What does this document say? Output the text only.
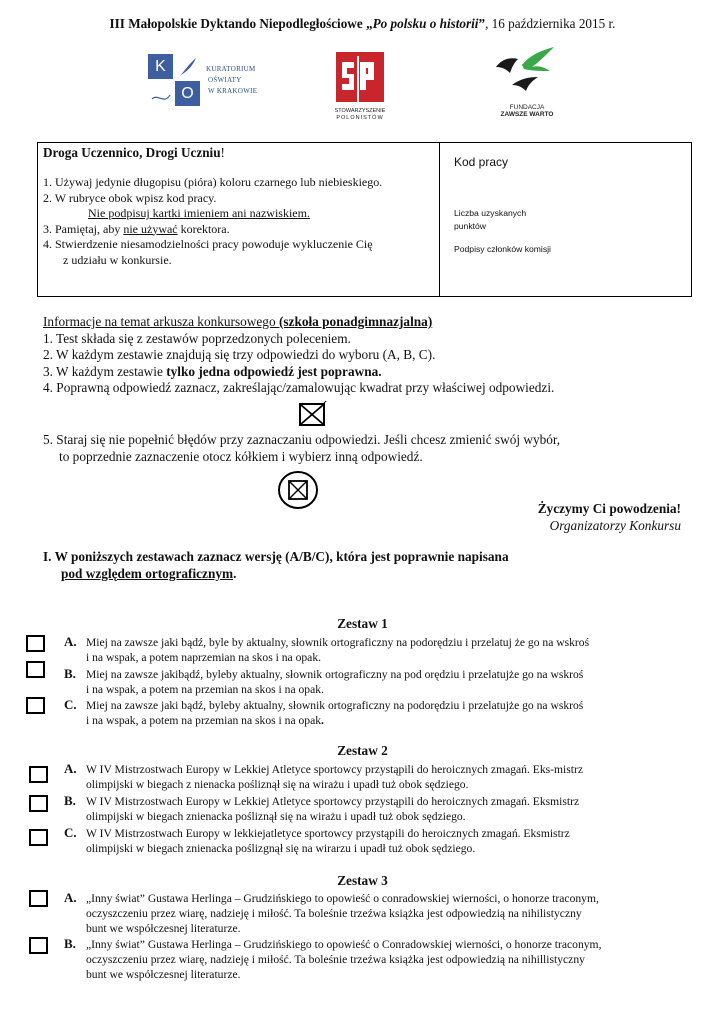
III Małopolskie Dyktando Niepodległościowe „Po polsku o historii”, 16 października 2015 r.
K
O
KURATORIUM
OŚWIATY
W KRAKOWIE
STOWARZYSZENIE
POLONISTÓW
FUNDACJA
ZAWSZE WARTO
Droga Uczennico, Drogi Uczniu!
1. Używaj jedynie długopisu (pióra) koloru czarnego lub niebieskiego.
2. W rubryce obok wpisz kod pracy.
Nie podpisuj kartki imieniem ani nazwiskiem.
3. Pamiętaj, aby nie używać korektora.
4. Stwierdzenie niesamodzielności pracy powoduje wykluczenie Cię
z udziału w konkursie.
Kod pracy
Liczba uzyskanych
punktów
Podpisy członków komisji
Informacje na temat arkusza konkursowego (szkoła ponadgimnazjalna)
1. Test składa się z zestawów poprzedzonych poleceniem.
2. W każdym zestawie znajdują się trzy odpowiedzi do wyboru (A, B, C).
3. W każdym zestawie tylko jedna odpowiedź jest poprawna.
4. Poprawną odpowiedź zaznacz, zakreślając/zamalowując kwadrat przy właściwej odpowiedzi.
5. Staraj się nie popełnić błędów przy zaznaczaniu odpowiedzi. Jeśli chcesz zmienić swój wybór,
to poprzednie zaznaczenie otocz kółkiem i wybierz inną odpowiedź.
Życzymy Ci powodzenia!
Organizatorzy Konkursu
I. W poniższych zestawach zaznacz wersję (A/B/C), która jest poprawnie napisana
pod względem ortograficznym.
Zestaw 1
A. Miej na zawsze jaki bądź, byle by aktualny, słownik ortograficzny na podorędziu i przelatuj że go na wskroś
i na wspak, a potem naprzemian na skos i na opak.
B. Miej na zawsze jakibądź, byleby aktualny, słownik ortograficzny na pod orędziu i przelatujże go na wskroś
i na wspak, a potem na przemian na skos i na opak.
C. Miej na zawsze jaki bądź, byleby aktualny, słownik ortograficzny na podorędziu i przelatujże go na wskroś
i na wspak, a potem na przemian na skos i na opak.
Zestaw 2
A. W IV Mistrzostwach Europy w Lekkiej Atletyce sportowcy przystąpili do heroicznych zmagań. Eks-mistrz
olimpijski w biegach z nienacka pośliznął się na wirażu i upadł tuż obok sędziego.
B. W IV Mistrzostwach Europy w Lekkiej Atletyce sportowcy przystąpili do heroicznych zmagań. Eksmistrz
olimpijski w biegach znienacka pośliznął się na wirażu i upadł tuż obok sędziego.
C. W IV Mistrzostwach Europy w lekkiejatletyce sportowcy przystąpili do heroicznych zmagań. Eksmistrz
olimpijski w biegach znienacka poślizgnął się na wirarzu i upadł tuż obok sędziego.
Zestaw 3
A. „Inny świat” Gustawa Herlinga – Grudzińskiego to opowieść o conradowskiej wierności, o honorze traconym,
oczyszczeniu przez wiarę, nadzieję i miłość. Ta boleśnie trzeźwa książka jest odpowiedzią na nihilistyczny
bunt we współczesnej literaturze.
B. „Inny świat” Gustawa Herlinga – Grudzińskiego to opowieść o Conradowskiej wierności, o honorze traconym,
oczyszczeniu przez wiarę, nadzieję i miłość. Ta boleśnie trzeźwa książka jest odpowiedzią na nihillistyczny
bunt we współczesnej literaturze.
